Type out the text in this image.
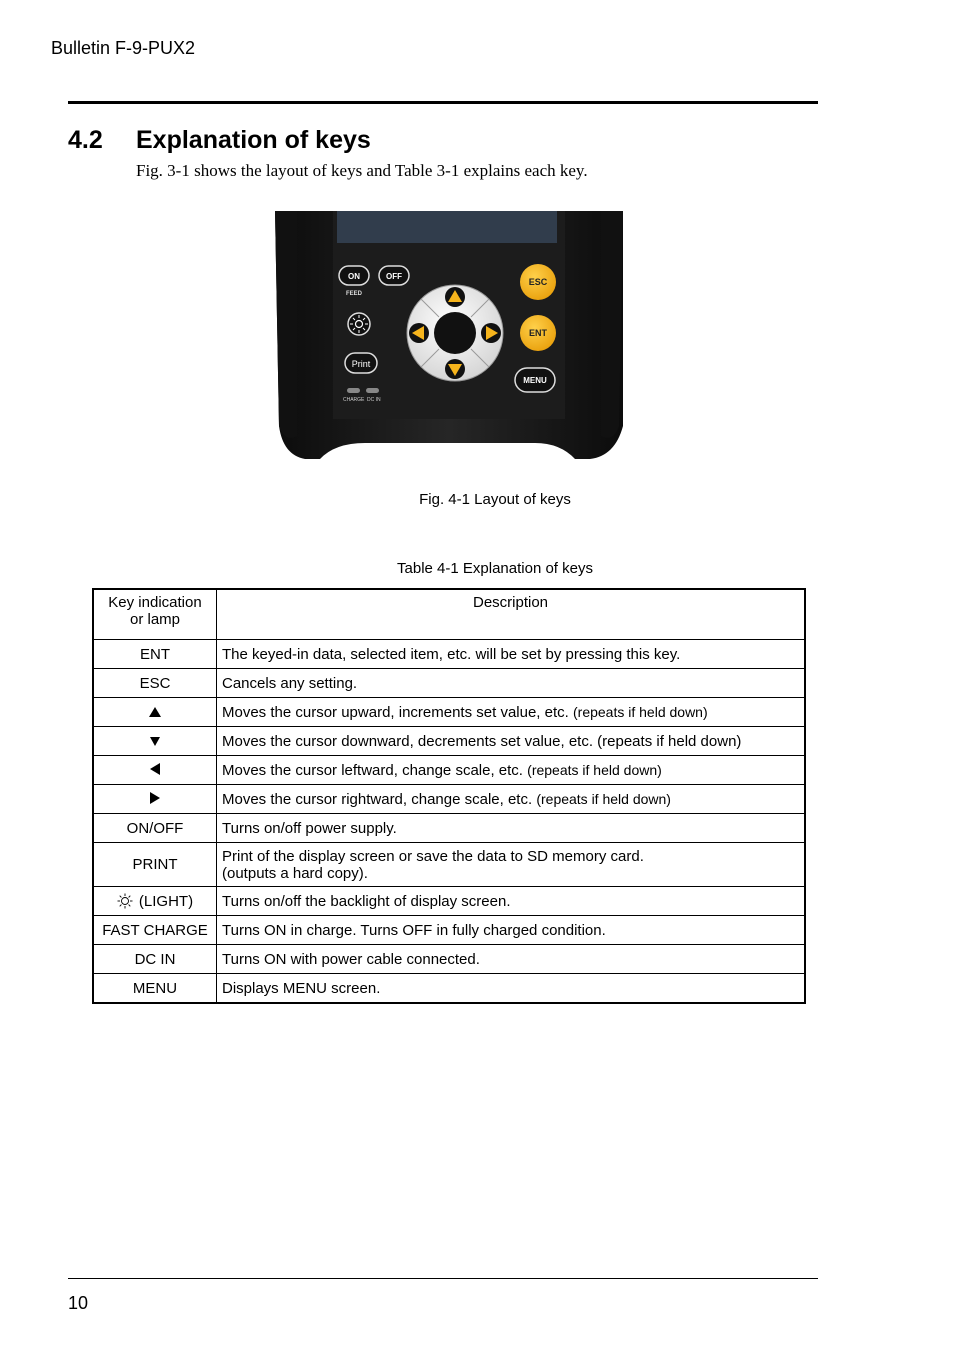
Bulletin F-9-PUX2
4.2 Explanation of keys
Fig. 3-1 shows the layout of keys and Table 3-1 explains each key.
ON
FEED
OFF
Print
CHARGE DC IN
ESC
ENT
MENU
Fig. 4-1 Layout of keys
Table 4-1 Explanation of keys
Key indication
or lamp	Description
ENT	The keyed-in data, selected item, etc. will be set by pressing this key.
ESC	Cancels any setting.
	Moves the cursor upward, increments set value, etc. (repeats if held down)
	Moves the cursor downward, decrements set value, etc. (repeats if held down)
	Moves the cursor leftward, change scale, etc. (repeats if held down)
	Moves the cursor rightward, change scale, etc. (repeats if held down)
ON/OFF	Turns on/off power supply.
PRINT	Print of the display screen or save the data to SD memory card.
(outputs a hard copy).
(LIGHT)	Turns on/off the backlight of display screen.
FAST CHARGE	Turns ON in charge. Turns OFF in fully charged condition.
DC IN	Turns ON with power cable connected.
MENU	Displays MENU screen.
10
